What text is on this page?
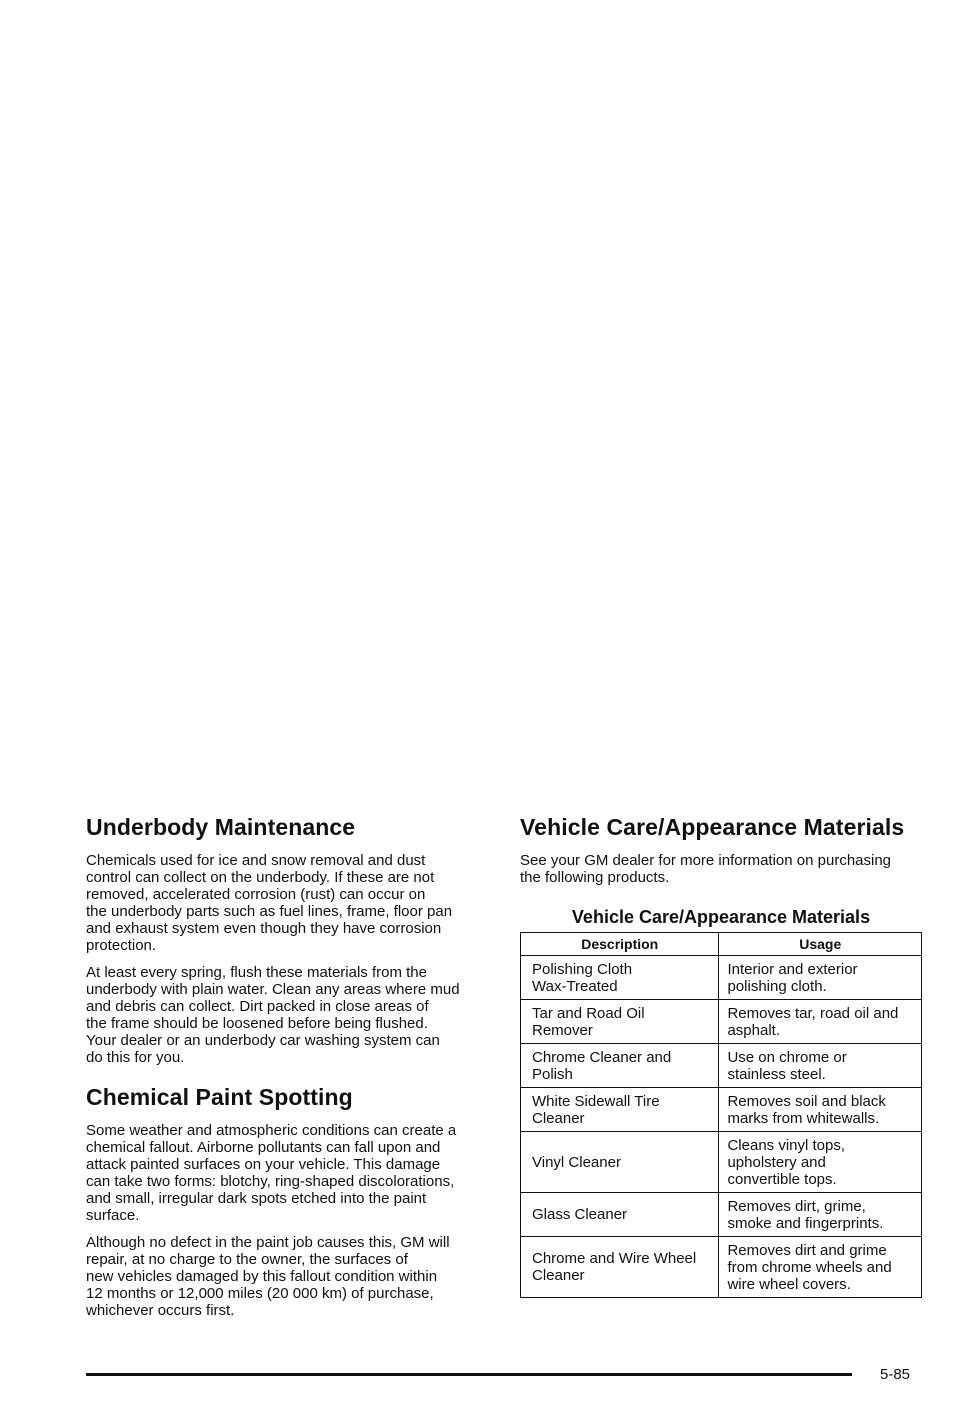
Underbody Maintenance

Chemicals used for ice and snow removal and dust
control can collect on the underbody. If these are not
removed, accelerated corrosion (rust) can occur on
the underbody parts such as fuel lines, frame, floor pan
and exhaust system even though they have corrosion
protection.

At least every spring, flush these materials from the
underbody with plain water. Clean any areas where mud
and debris can collect. Dirt packed in close areas of
the frame should be loosened before being flushed.
Your dealer or an underbody car washing system can
do this for you.

Chemical Paint Spotting

Some weather and atmospheric conditions can create a
chemical fallout. Airborne pollutants can fall upon and
attack painted surfaces on your vehicle. This damage
can take two forms: blotchy, ring-shaped discolorations,
and small, irregular dark spots etched into the paint
surface.

Although no defect in the paint job causes this, GM will
repair, at no charge to the owner, the surfaces of
new vehicles damaged by this fallout condition within
12 months or 12,000 miles (20 000 km) of purchase,
whichever occurs first.

Vehicle Care/Appearance Materials

See your GM dealer for more information on purchasing
the following products.

Vehicle Care/Appearance Materials
Description	Usage
Polishing Cloth
Wax-Treated	Interior and exterior
polishing cloth.
Tar and Road Oil
Remover	Removes tar, road oil and
asphalt.
Chrome Cleaner and
Polish	Use on chrome or
stainless steel.
White Sidewall Tire
Cleaner	Removes soil and black
marks from whitewalls.
Vinyl Cleaner	Cleans vinyl tops,
upholstery and
convertible tops.
Glass Cleaner	Removes dirt, grime,
smoke and fingerprints.
Chrome and Wire Wheel
Cleaner	Removes dirt and grime
from chrome wheels and
wire wheel covers.
5-85
